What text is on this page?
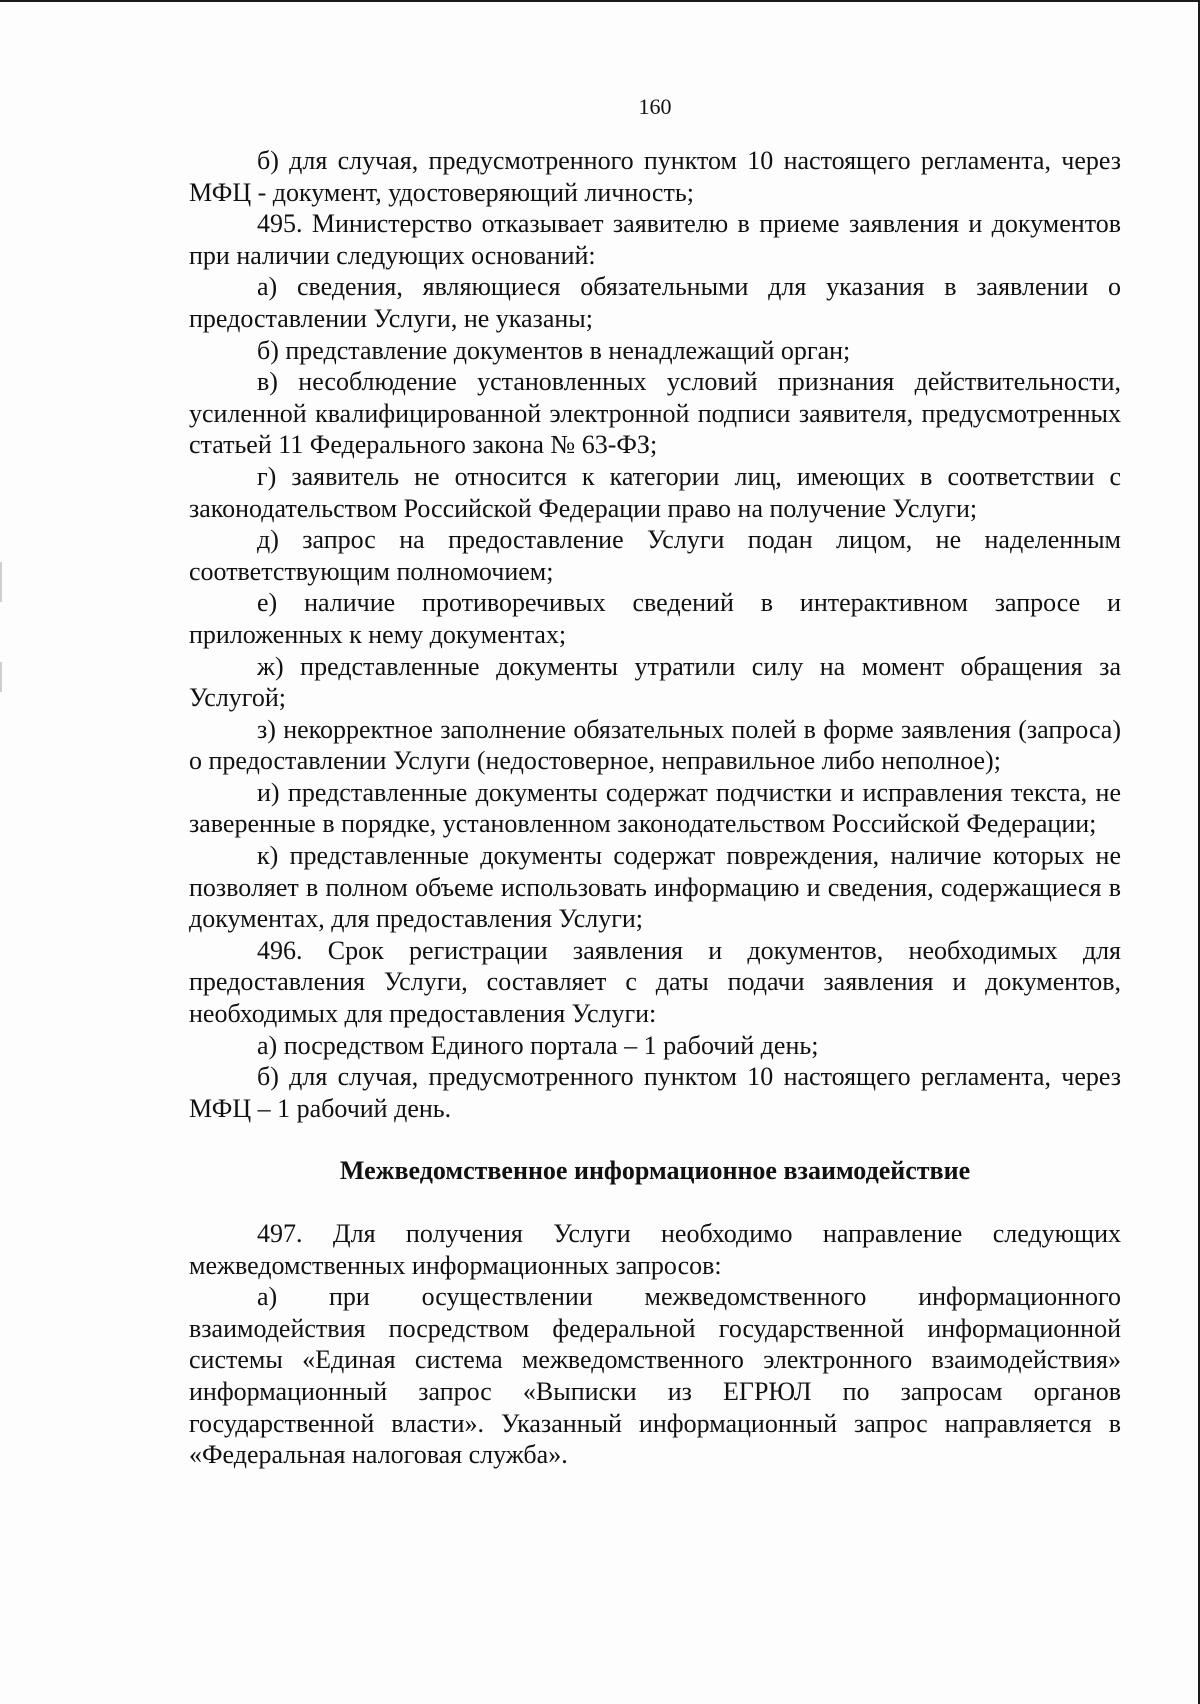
160

б) для случая, предусмотренного пунктом 10 настоящего регламента, через МФЦ - документ, удостоверяющий личность;

495. Министерство отказывает заявителю в приеме заявления и документов при наличии следующих оснований:

а) сведения, являющиеся обязательными для указания в заявлении о предоставлении Услуги, не указаны;

б) представление документов в ненадлежащий орган;

в) несоблюдение установленных условий признания действительности, усиленной квалифицированной электронной подписи заявителя, предусмотренных статьей 11 Федерального закона № 63-ФЗ;

г) заявитель не относится к категории лиц, имеющих в соответствии с законодательством Российской Федерации право на получение Услуги;

д) запрос на предоставление Услуги подан лицом, не наделенным соответствующим полномочием;

е) наличие противоречивых сведений в интерактивном запросе и приложенных к нему документах;

ж) представленные документы утратили силу на момент обращения за Услугой;

з) некорректное заполнение обязательных полей в форме заявления (запроса) о предоставлении Услуги (недостоверное, неправильное либо неполное);

и) представленные документы содержат подчистки и исправления текста, не заверенные в порядке, установленном законодательством Российской Федерации;

к) представленные документы содержат повреждения, наличие которых не позволяет в полном объеме использовать информацию и сведения, содержащиеся в документах, для предоставления Услуги;

496. Срок регистрации заявления и документов, необходимых для предоставления Услуги, составляет с даты подачи заявления и документов, необходимых для предоставления Услуги:

а) посредством Единого портала – 1 рабочий день;

б) для случая, предусмотренного пунктом 10 настоящего регламента, через МФЦ – 1 рабочий день.

Межведомственное информационное взаимодействие

497. Для получения Услуги необходимо направление следующих межведомственных информационных запросов:

а) при осуществлении межведомственного информационного взаимодействия посредством федеральной государственной информационной системы «Единая система межведомственного электронного взаимодействия» информационный запрос «Выписки из ЕГРЮЛ по запросам органов государственной власти». Указанный информационный запрос направляется в «Федеральная налоговая служба».
